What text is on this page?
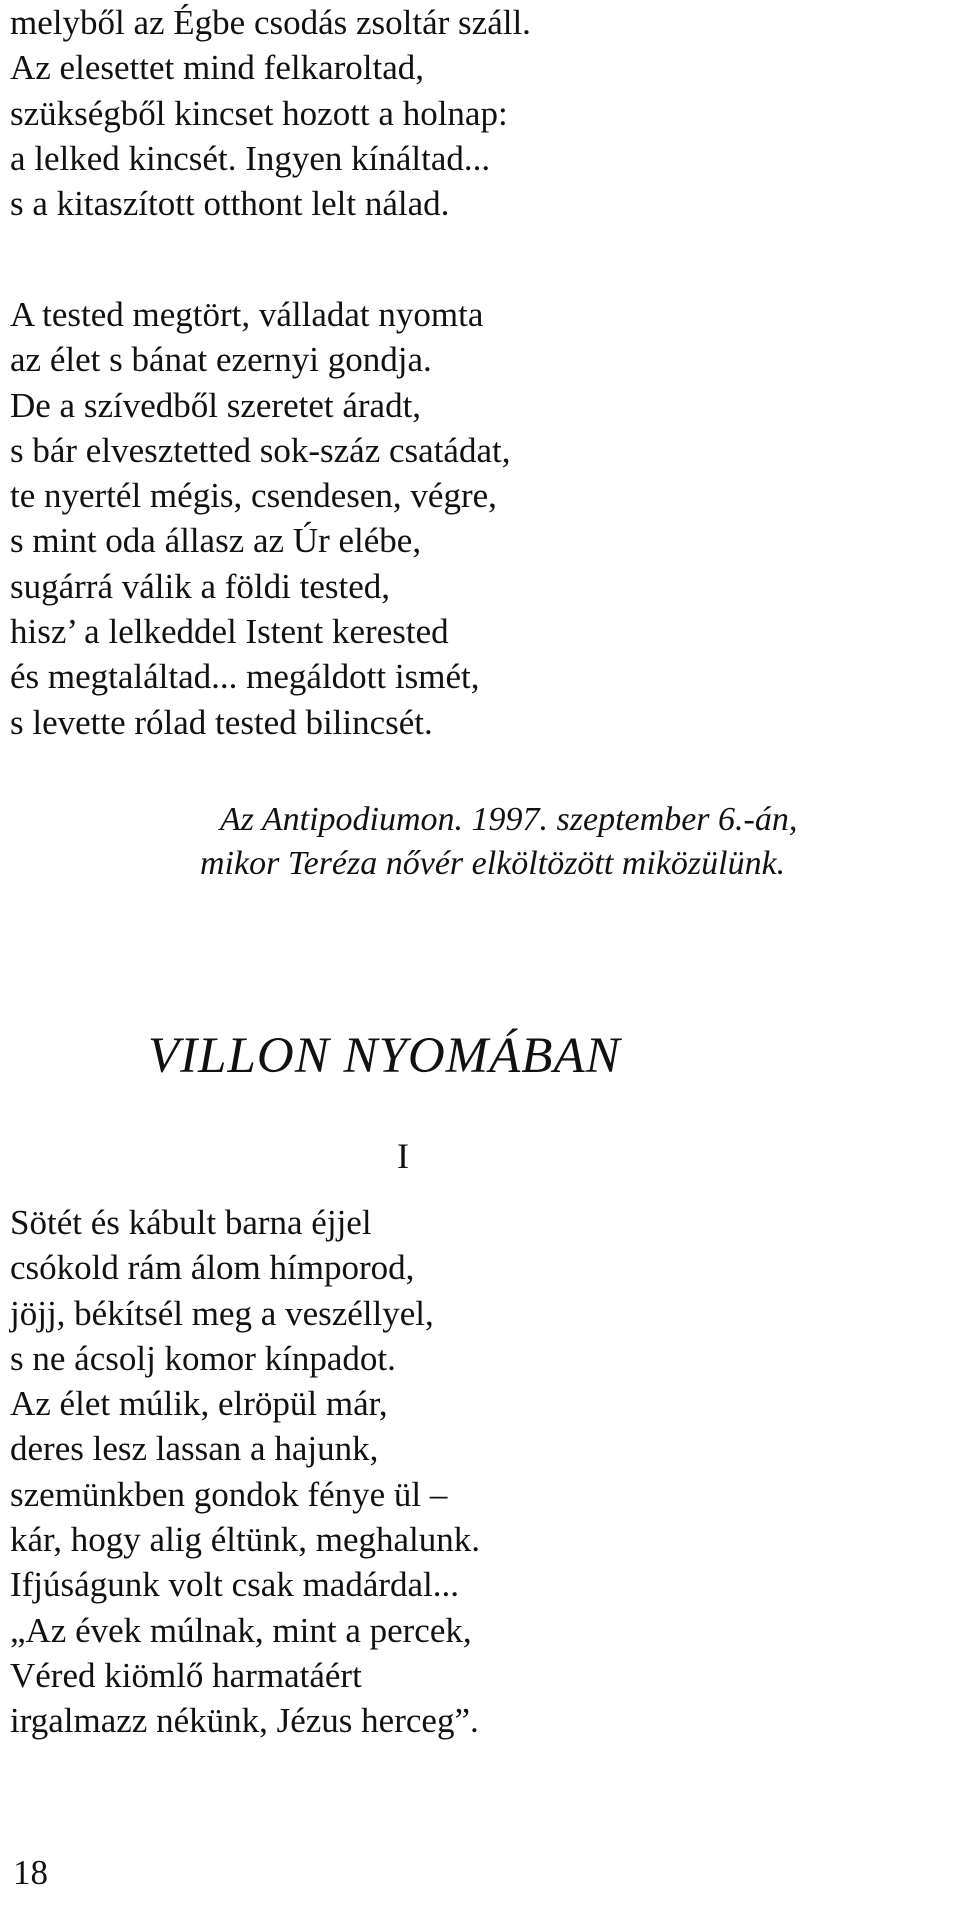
melyből az Égbe csodás zsoltár száll.
Az elesettet mind felkaroltad,
szükségből kincset hozott a holnap:
a lelked kincsét. Ingyen kínáltad...
s a kitaszított otthont lelt nálad.
A tested megtört, válladat nyomta
az élet s bánat ezernyi gondja.
De a szívedből szeretet áradt,
s bár elvesztetted sok-száz csatádat,
te nyertél mégis, csendesen, végre,
s mint oda állasz az Úr elébe,
sugárrá válik a földi tested,
hisz’ a lelkeddel Istent kerested
és megtaláltad... megáldott ismét,
s levette rólad tested bilincsét.
Az Antipodiumon. 1997. szeptember 6.-án,
mikor Teréza nővér elköltözött miközülünk.
VILLON NYOMÁBAN
I
Sötét és kábult barna éjjel
csókold rám álom hímporod,
jöjj, békítsél meg a veszéllyel,
s ne ácsolj komor kínpadot.
Az élet múlik, elröpül már,
deres lesz lassan a hajunk,
szemünkben gondok fénye ül –
kár, hogy alig éltünk, meghalunk.
Ifjúságunk volt csak madárdal...
„Az évek múlnak, mint a percek,
Véred kiömlő harmatáért
irgalmazz nékünk, Jézus herceg”.
18
